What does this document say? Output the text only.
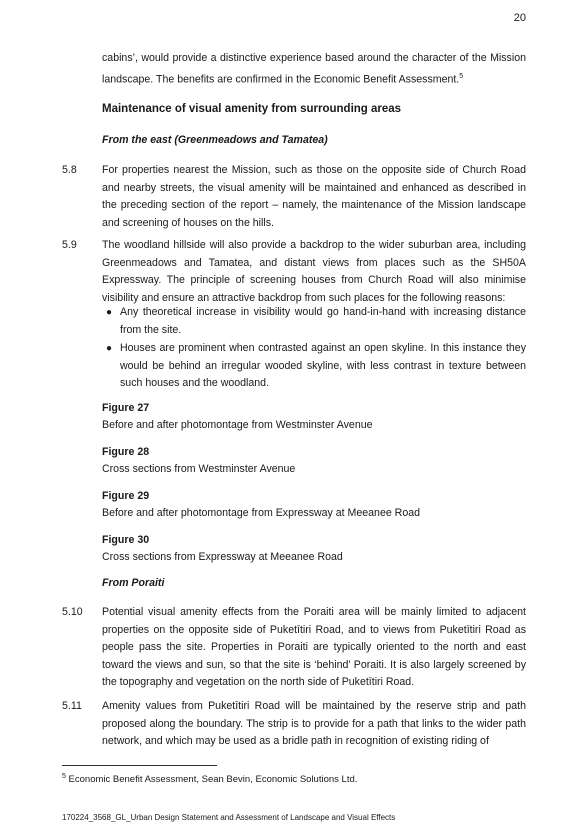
20

cabins’, would provide a distinctive experience based around the character of the Mission landscape. The benefits are confirmed in the Economic Benefit Assessment.$^5$

Maintenance of visual amenity from surrounding areas
From the east (Greenmeadows and Tamatea)
5.8 For properties nearest the Mission, such as those on the opposite side of Church Road and nearby streets, the visual amenity will be maintained and enhanced as described in the preceding section of the report – namely, the maintenance of the Mission landscape and screening of houses on the hills.

5.9 The woodland hillside will also provide a backdrop to the wider suburban area, including Greenmeadows and Tamatea, and distant views from places such as the SH50A Expressway. The principle of screening houses from Church Road will also minimise visibility and ensure an attractive backdrop from such places for the following reasons:

● Any theoretical increase in visibility would go hand-in-hand with increasing distance from the site.

● Houses are prominent when contrasted against an open skyline. In this instance they would be behind an irregular wooded skyline, with less contrast in texture between such houses and the woodland.

Figure 27
Before and after photomontage from Westminster Avenue
Figure 28
Cross sections from Westminster Avenue
Figure 29
Before and after photomontage from Expressway at Meeanee Road
Figure 30
Cross sections from Expressway at Meeanee Road
From Poraiti
5.10 Potential visual amenity effects from the Poraiti area will be mainly limited to adjacent properties on the opposite side of Puketītiri Road, and to views from Puketītiri Road as people pass the site. Properties in Poraiti are typically oriented to the north and east toward the views and sun, so that the site is ‘behind’ Poraiti. It is also largely screened by the topography and vegetation on the north side of Puketītiri Road.

5.11 Amenity values from Puketītiri Road will be maintained by the reserve strip and path proposed along the boundary. The strip is to provide for a path that links to the wider path network, and which may be used as a bridle path in recognition of existing riding of

$^5$ Economic Benefit Assessment, Sean Bevin, Economic Solutions Ltd.
170224_3568_GL_Urban Design Statement and Assessment of Landscape and Visual Effects
